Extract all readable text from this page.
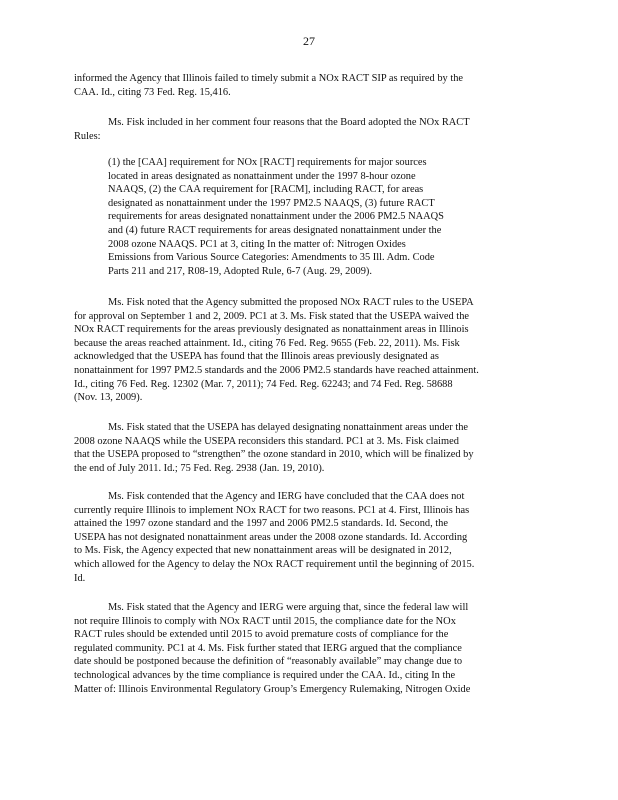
27
informed the Agency that Illinois failed to timely submit a NOx RACT SIP as required by the
CAA. Id., citing 73 Fed. Reg. 15,416.
Ms. Fisk included in her comment four reasons that the Board adopted the NOx RACT
Rules:
(1) the [CAA] requirement for NOx [RACT] requirements for major sources
located in areas designated as nonattainment under the 1997 8-hour ozone
NAAQS, (2) the CAA requirement for [RACM], including RACT, for areas
designated as nonattainment under the 1997 PM2.5 NAAQS, (3) future RACT
requirements for areas designated nonattainment under the 2006 PM2.5 NAAQS
and (4) future RACT requirements for areas designated nonattainment under the
2008 ozone NAAQS. PC1 at 3, citing In the matter of: Nitrogen Oxides
Emissions from Various Source Categories: Amendments to 35 Ill. Adm. Code
Parts 211 and 217, R08-19, Adopted Rule, 6-7 (Aug. 29, 2009).
Ms. Fisk noted that the Agency submitted the proposed NOx RACT rules to the USEPA
for approval on September 1 and 2, 2009. PC1 at 3. Ms. Fisk stated that the USEPA waived the
NOx RACT requirements for the areas previously designated as nonattainment areas in Illinois
because the areas reached attainment. Id., citing 76 Fed. Reg. 9655 (Feb. 22, 2011). Ms. Fisk
acknowledged that the USEPA has found that the Illinois areas previously designated as
nonattainment for 1997 PM2.5 standards and the 2006 PM2.5 standards have reached attainment.
Id., citing 76 Fed. Reg. 12302 (Mar. 7, 2011); 74 Fed. Reg. 62243; and 74 Fed. Reg. 58688
(Nov. 13, 2009).
Ms. Fisk stated that the USEPA has delayed designating nonattainment areas under the
2008 ozone NAAQS while the USEPA reconsiders this standard. PC1 at 3. Ms. Fisk claimed
that the USEPA proposed to “strengthen” the ozone standard in 2010, which will be finalized by
the end of July 2011. Id.; 75 Fed. Reg. 2938 (Jan. 19, 2010).
Ms. Fisk contended that the Agency and IERG have concluded that the CAA does not
currently require Illinois to implement NOx RACT for two reasons. PC1 at 4. First, Illinois has
attained the 1997 ozone standard and the 1997 and 2006 PM2.5 standards. Id. Second, the
USEPA has not designated nonattainment areas under the 2008 ozone standards. Id. According
to Ms. Fisk, the Agency expected that new nonattainment areas will be designated in 2012,
which allowed for the Agency to delay the NOx RACT requirement until the beginning of 2015.
Id.
Ms. Fisk stated that the Agency and IERG were arguing that, since the federal law will
not require Illinois to comply with NOx RACT until 2015, the compliance date for the NOx
RACT rules should be extended until 2015 to avoid premature costs of compliance for the
regulated community. PC1 at 4. Ms. Fisk further stated that IERG argued that the compliance
date should be postponed because the definition of “reasonably available” may change due to
technological advances by the time compliance is required under the CAA. Id., citing In the
Matter of: Illinois Environmental Regulatory Group’s Emergency Rulemaking, Nitrogen Oxide
